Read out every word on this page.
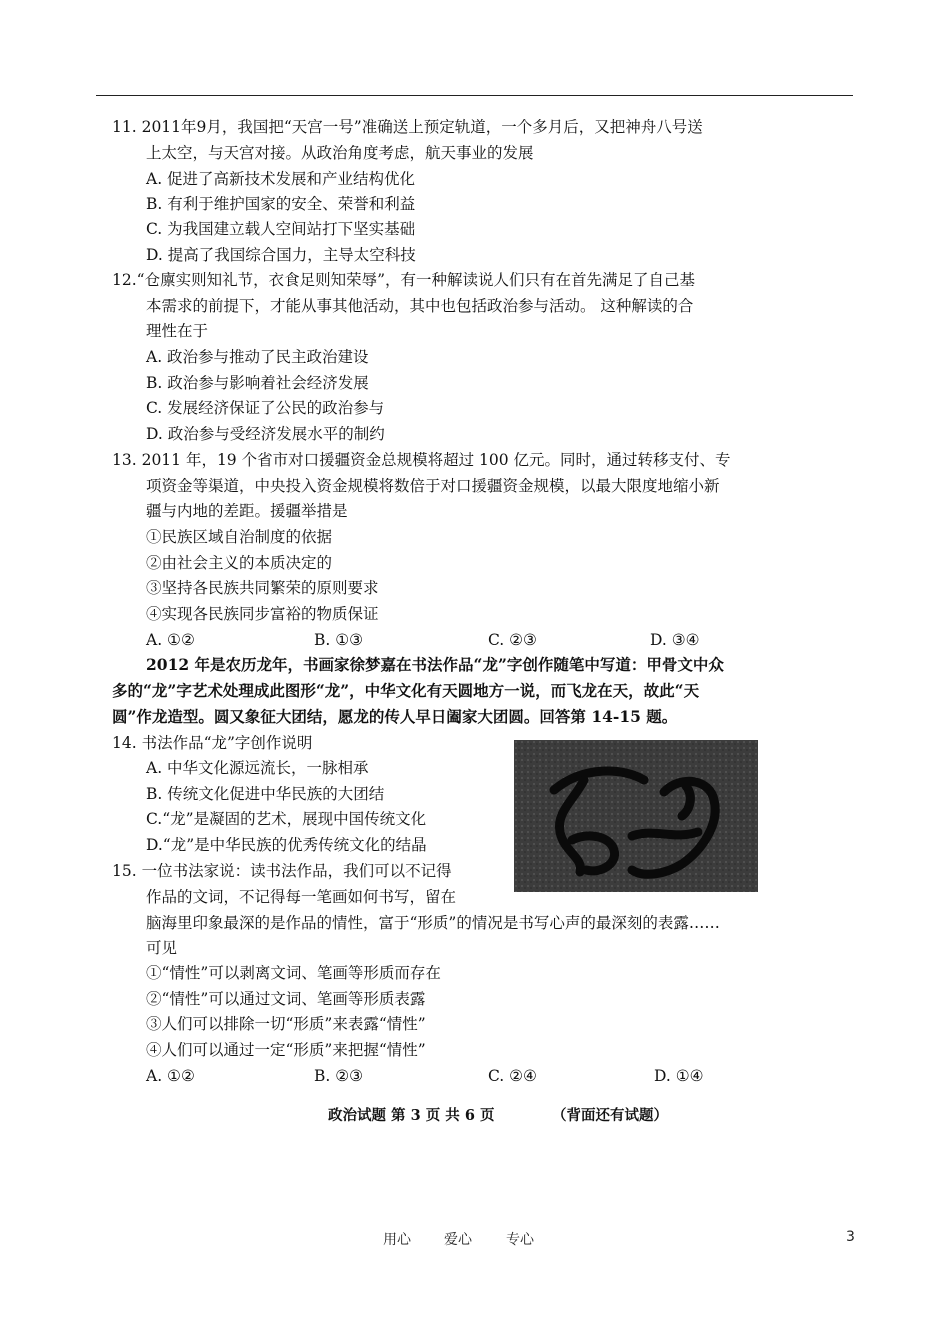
11. 2011年9月，我国把“天宫一号”准确送上预定轨道，一个多月后，又把神舟八号送
上太空，与天宫对接。从政治角度考虑，航天事业的发展
A. 促进了高新技术发展和产业结构优化
B. 有利于维护国家的安全、荣誉和利益
C. 为我国建立载人空间站打下坚实基础
D. 提高了我国综合国力，主导太空科技
12.“仓廪实则知礼节，衣食足则知荣辱”，有一种解读说人们只有在首先满足了自己基
本需求的前提下，才能从事其他活动，其中也包括政治参与活动。 这种解读的合
理性在于
A. 政治参与推动了民主政治建设
B. 政治参与影响着社会经济发展
C. 发展经济保证了公民的政治参与
D. 政治参与受经济发展水平的制约
13. 2011 年，19 个省市对口援疆资金总规模将超过 100 亿元。同时，通过转移支付、专
项资金等渠道，中央投入资金规模将数倍于对口援疆资金规模，以最大限度地缩小新
疆与内地的差距。援疆举措是
①民族区域自治制度的依据
②由社会主义的本质决定的
③坚持各民族共同繁荣的原则要求
④实现各民族同步富裕的物质保证
A. ①②	B. ①③	C. ②③	D. ③④
2012 年是农历龙年，书画家徐梦嘉在书法作品“龙”字创作随笔中写道：甲骨文中众
多的“龙”字艺术处理成此图形“龙”，中华文化有天圆地方一说，而飞龙在天，故此“天
圆”作龙造型。圆又象征大团结，愿龙的传人早日阖家大团圆。回答第 14-15 题。
14. 书法作品“龙”字创作说明
A. 中华文化源远流长，一脉相承
B. 传统文化促进中华民族的大团结
C.“龙”是凝固的艺术，展现中国传统文化
D.“龙”是中华民族的优秀传统文化的结晶
15. 一位书法家说：读书法作品，我们可以不记得
作品的文词，不记得每一笔画如何书写，留在
脑海里印象最深的是作品的情性，富于“形质”的情况是书写心声的最深刻的表露……
可见
①“情性”可以剥离文词、笔画等形质而存在
②“情性”可以通过文词、笔画等形质表露
③人们可以排除一切“形质”来表露“情性”
④人们可以通过一定“形质”来把握“情性”
A. ①②	B. ②③	C. ②④	D. ①④
政治试题 第 3 页 共 6 页	（背面还有试题）
用心 爱心 专心	3
